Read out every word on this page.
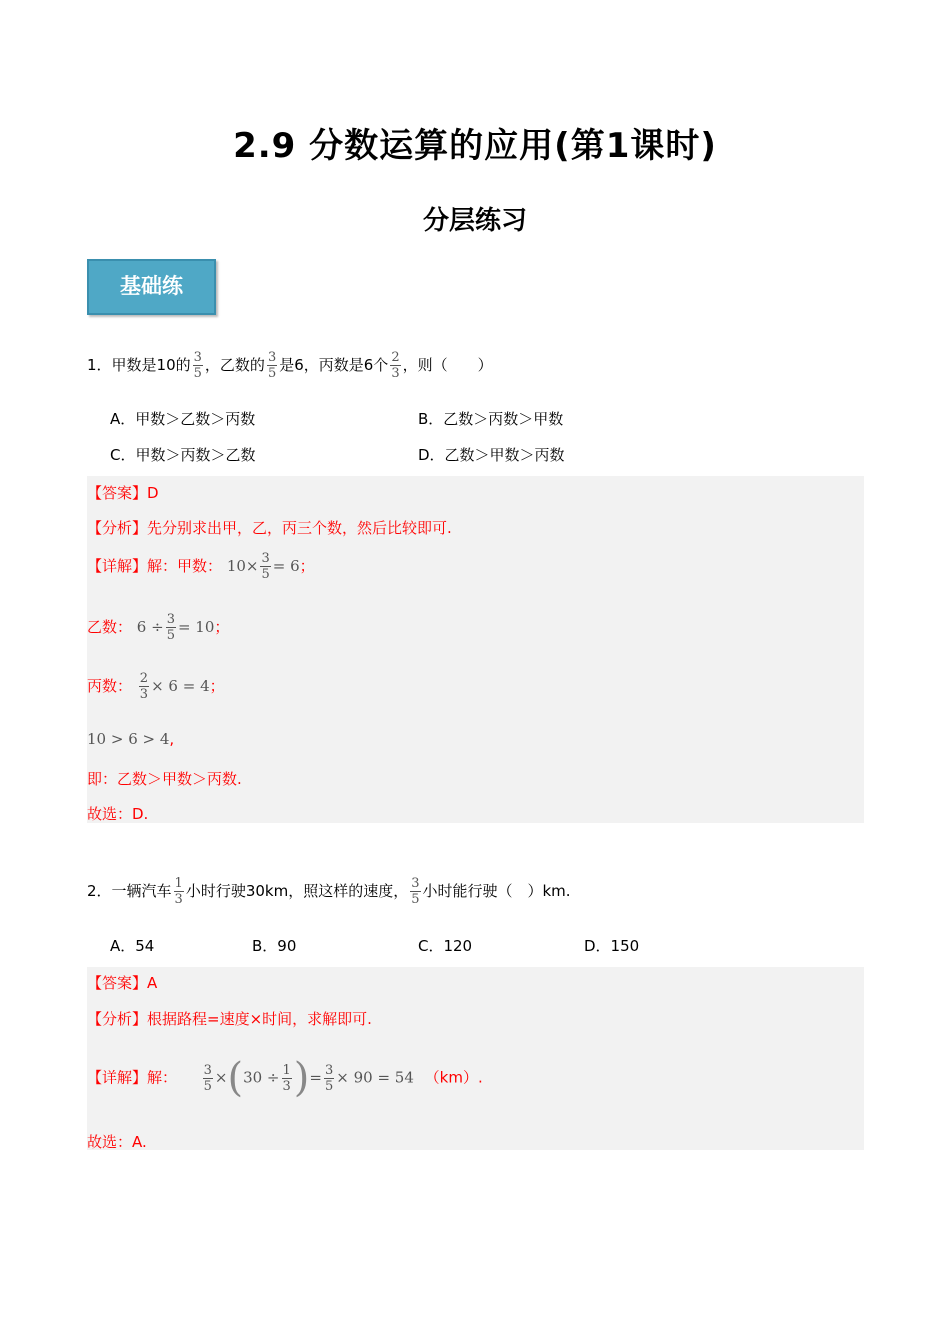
2.9 分数运算的应用(第1课时)
分层练习
基础练
1．甲数是10的 $\frac{3}{5}$ ，乙数的 $\frac{3}{5}$ 是6，丙数是6个 $\frac{2}{3}$ ，则（　　）
A．甲数＞乙数＞丙数	B．乙数＞丙数＞甲数
C．甲数＞丙数＞乙数	D．乙数＞甲数＞丙数
【答案】D
【分析】先分别求出甲，乙，丙三个数，然后比较即可.
【详解】解：甲数： $10\times \frac{3}{5} = 6$；
乙数： $6 \div \frac{3}{5} = 10$；
丙数： $\frac{2}{3} \times 6 = 4$；
10 > 6 > 4,
即：乙数＞甲数＞丙数.
故选：D.
2．一辆汽车 $\frac{1}{3}$ 小时行驶30km，照这样的速度， $\frac{3}{5}$ 小时能行驶（　）km.
A．54	B．90	C．120	D．150
【答案】A
【分析】根据路程=速度×时间，求解即可.
【详解】解： $\frac{3}{5} \times(30 \div \frac{1}{3}$ )= $\frac{3}{5} \times 90 = 54$ （km）.
故选：A.
